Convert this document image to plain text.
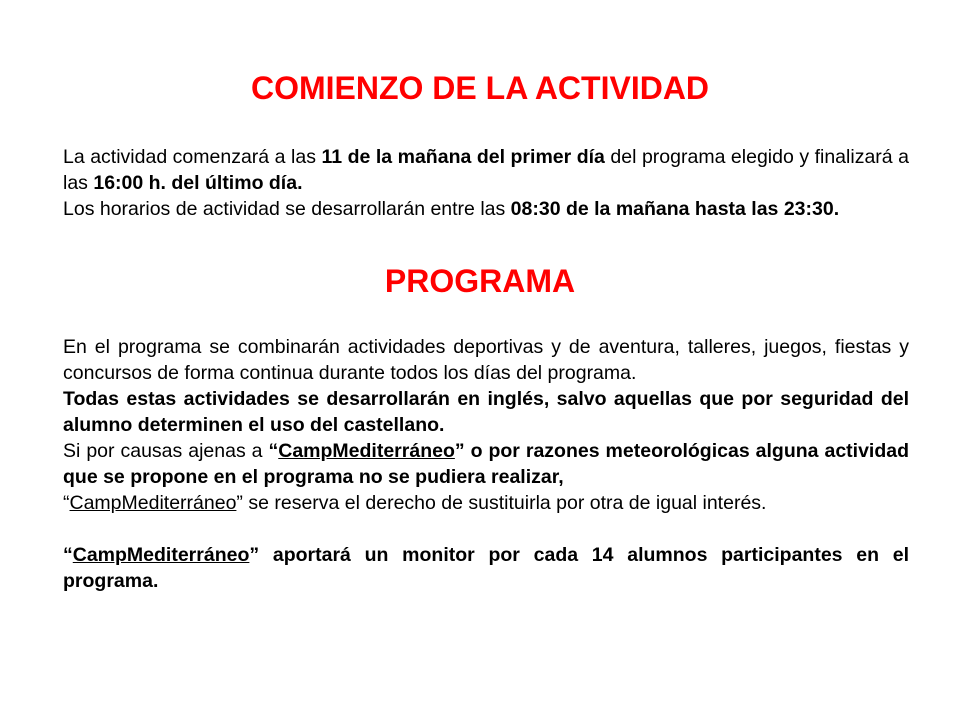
COMIENZO DE LA ACTIVIDAD

La actividad comenzará a las 11 de la mañana del primer día del programa elegido y finalizará a las 16:00 h. del último día.

Los horarios de actividad se desarrollarán entre las 08:30 de la mañana hasta las 23:30.

PROGRAMA

En el programa se combinarán actividades deportivas y de aventura, talleres, juegos, fiestas y concursos de forma continua durante todos los días del programa.

Todas estas actividades se desarrollarán en inglés, salvo aquellas que por seguridad del alumno determinen el uso del castellano.

Si por causas ajenas a “CampMediterráneo” o por razones meteorológicas alguna actividad que se propone en el programa no se pudiera realizar,

“CampMediterráneo” se reserva el derecho de sustituirla por otra de igual interés.

“CampMediterráneo” aportará un monitor por cada 14 alumnos participantes en el programa.
